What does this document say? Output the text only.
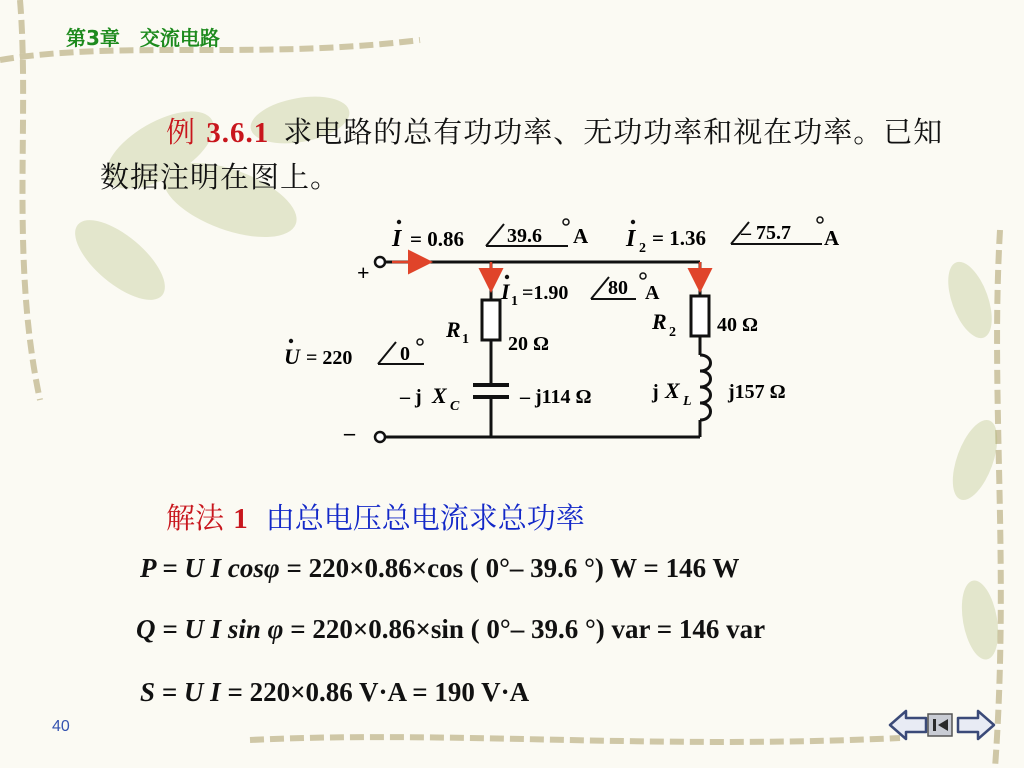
第3章　交流电路
例 3.6.1 求电路的总有功功率、无功功率和视在功率。已知数据注明在图上。
I = 0.86 39.6 A I 2 = 1.36 – 75.7 A
I 1 =1.90 80 A
+
–
U = 220 0
R 1 20 Ω
R 2 40 Ω
– j X C	– j114 Ω	j X L j157 Ω
解法 1 由总电压总电流求总功率
P = U I cosφ = 220×0.86×cos ( 0°– 39.6 °) W = 146 W
Q = U I sin φ = 220×0.86×sin ( 0°– 39.6 °) var = 146 var
S = U I = 220×0.86 V·A = 190 V·A
40
